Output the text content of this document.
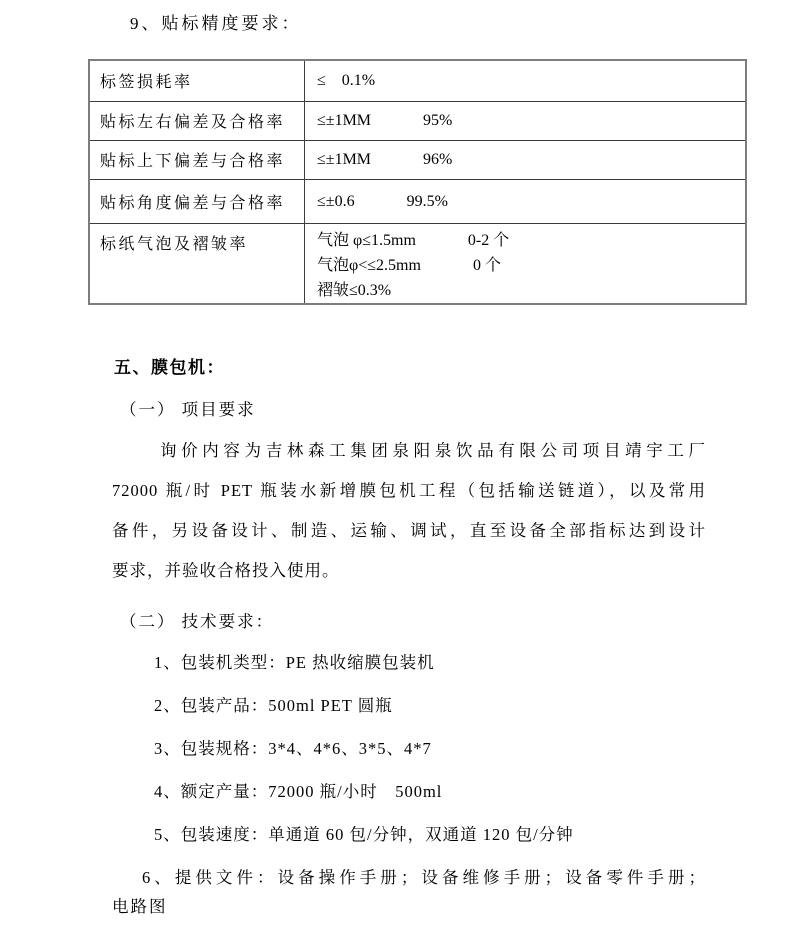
9、贴标精度要求：
标签损耗率	≤　0.1%

贴标左右偏差及合格率	≤±1MM 95%

贴标上下偏差与合格率	≤±1MM 96%

贴标角度偏差与合格率	≤±0.6 99.5%

标纸气泡及褶皱率	气泡 φ≤1.5mm 0-2 个
气泡φ<≤2.5mm 0 个
褶皱≤0.3%
五、膜包机：
（一） 项目要求
询价内容为吉林森工集团泉阳泉饮品有限公司项目靖宇工厂
72000 瓶/时 PET 瓶装水新增膜包机工程（包括输送链道），以及常用
备件，另设备设计、制造、运输、调试，直至设备全部指标达到设计
要求，并验收合格投入使用。
（二） 技术要求：
1、包装机类型：PE 热收缩膜包装机
2、包装产品：500ml PET 圆瓶
3、包装规格：3*4、4*6、3*5、4*7
4、额定产量：72000 瓶/小时　500ml
5、包装速度：单通道 60 包/分钟，双通道 120 包/分钟
6、提供文件：设备操作手册；设备维修手册；设备零件手册；
电路图
